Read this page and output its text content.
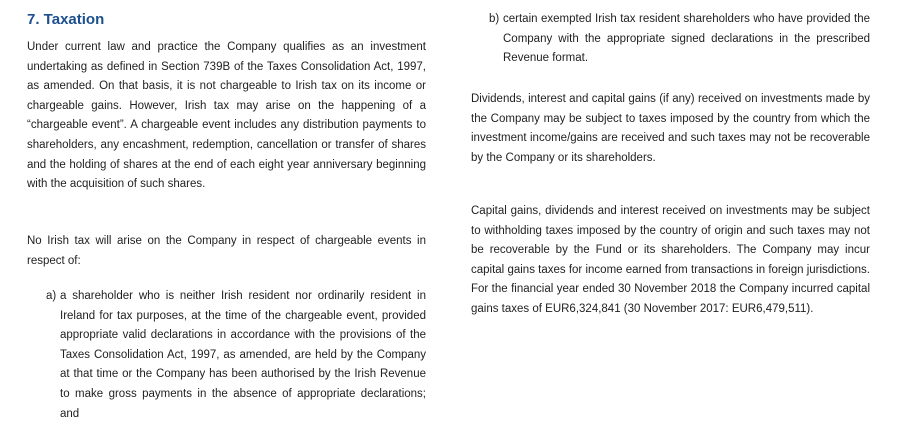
7. Taxation

Under current law and practice the Company qualifies as an investment undertaking as defined in Section 739B of the Taxes Consolidation Act, 1997, as amended. On that basis, it is not chargeable to Irish tax on its income or chargeable gains. However, Irish tax may arise on the happening of a “chargeable event”. A chargeable event includes any distribution payments to shareholders, any encashment, redemption, cancellation or transfer of shares and the holding of shares at the end of each eight year anniversary beginning with the acquisition of such shares.

No Irish tax will arise on the Company in respect of chargeable events in respect of:

a) a shareholder who is neither Irish resident nor ordinarily resident in Ireland for tax purposes, at the time of the chargeable event, provided appropriate valid declarations in accordance with the provisions of the Taxes Consolidation Act, 1997, as amended, are held by the Company at that time or the Company has been authorised by the Irish Revenue to make gross payments in the absence of appropriate declarations; and
b) certain exempted Irish tax resident shareholders who have provided the Company with the appropriate signed declarations in the prescribed Revenue format.

Dividends, interest and capital gains (if any) received on investments made by the Company may be subject to taxes imposed by the country from which the investment income/gains are received and such taxes may not be recoverable by the Company or its shareholders.

Capital gains, dividends and interest received on investments may be subject to withholding taxes imposed by the country of origin and such taxes may not be recoverable by the Fund or its shareholders. The Company may incur capital gains taxes for income earned from transactions in foreign jurisdictions. For the financial year ended 30 November 2018 the Company incurred capital gains taxes of EUR6,324,841 (30 November 2017: EUR6,479,511).
